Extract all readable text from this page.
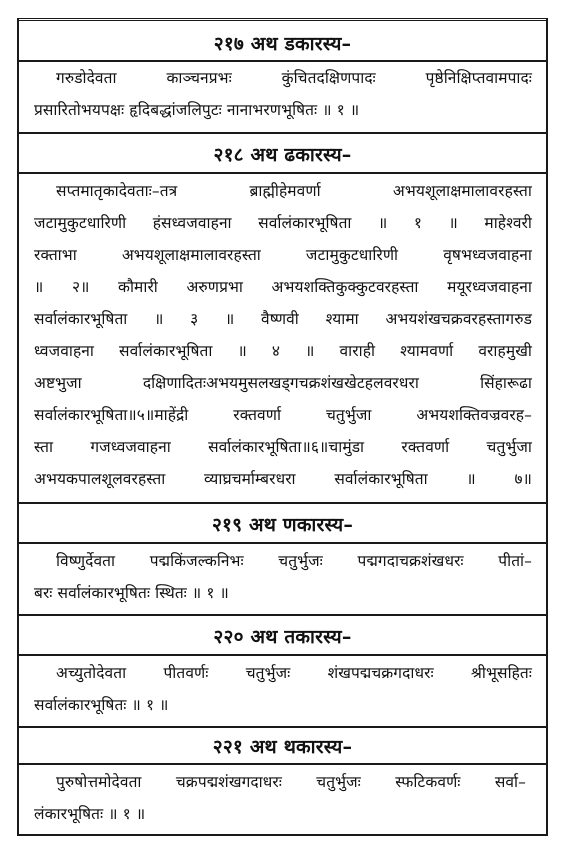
२१७ अथ डकारस्य–
गरुडोदेवता काञ्चनप्रभः कुंचितदक्षिणपादः पृष्ठेनिक्षिप्तवामपादः
प्रसारितोभयपक्षः हृदिबद्धांजलिपुटः नानाभरणभूषितः ॥ १ ॥
२१८ अथ ढकारस्य–
सप्तमातृकादेवताः–तत्र ब्राह्मीहेमवर्णा अभयशूलाक्षमालावरहस्ता
जटामुकुटधारिणी हंसध्वजवाहना सर्वालंकारभूषिता ॥ १ ॥ माहेश्वरी
रक्ताभा अभयशूलाक्षमालावरहस्ता जटामुकुटधारिणी वृषभध्वजवाहना
॥ २॥ कौमारी अरुणप्रभा अभयशक्तिकुक्कुटवरहस्ता मयूरध्वजवाहना
सर्वालंकारभूषिता ॥ ३ ॥ वैष्णवी श्यामा अभयशंखचक्रवरहस्तागरुड
ध्वजवाहना सर्वालंकारभूषिता ॥ ४ ॥ वाराही श्यामवर्णा वराहमुखी
अष्टभुजा दक्षिणादितःअभयमुसलखड्गचक्रशंखखेटहलवरधरा सिंहारूढा
सर्वालंकारभूषिता॥५॥माहेंद्री रक्तवर्णा चतुर्भुजा अभयशक्तिवज्रवरह–
स्ता गजध्वजवाहना सर्वालंकारभूषिता॥६॥चामुंडा रक्तवर्णा चतुर्भुजा
अभयकपालशूलवरहस्ता व्याघ्रचर्माम्बरधरा सर्वालंकारभूषिता ॥ ७॥
२१९ अथ णकारस्य–
विष्णुर्देवता पद्मकिंजल्कनिभः चतुर्भुजः पद्मगदाचक्रशंखधरः पीतां–
बरः सर्वालंकारभूषितः स्थितः ॥ १ ॥
२२० अथ तकारस्य–
अच्युतोदेवता पीतवर्णः चतुर्भुजः शंखपद्मचक्रगदाधरः श्रीभूसहितः
सर्वालंकारभूषितः ॥ १ ॥
२२१ अथ थकारस्य–
पुरुषोत्तमोदेवता चक्रपद्मशंखगदाधरः चतुर्भुजः स्फटिकवर्णः सर्वा–
लंकारभूषितः ॥ १ ॥
